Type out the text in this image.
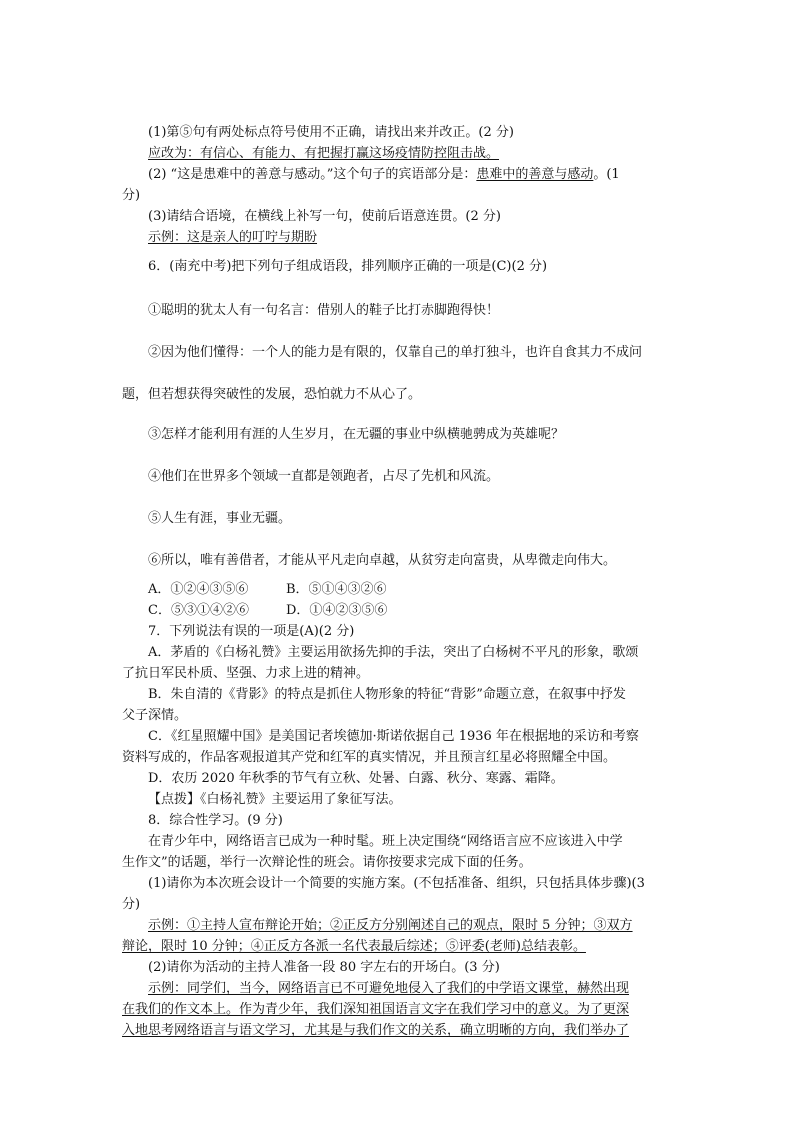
(1)第⑤句有两处标点符号使用不正确，请找出来并改正。(2 分)
应改为：有信心、有能力、有把握打赢这场疫情防控阻击战。
(2) “这是患难中的善意与感动。”这个句子的宾语部分是：患难中的善意与感动。(1
分)
(3)请结合语境，在横线上补写一句，使前后语意连贯。(2 分)
示例：这是亲人的叮咛与期盼
6．(南充中考)把下列句子组成语段，排列顺序正确的一项是(C)(2 分)
①聪明的犹太人有一句名言：借别人的鞋子比打赤脚跑得快！
②因为他们懂得：一个人的能力是有限的，仅靠自己的单打独斗，也许自食其力不成问
题，但若想获得突破性的发展，恐怕就力不从心了。
③怎样才能利用有涯的人生岁月，在无疆的事业中纵横驰骋成为英雄呢？
④他们在世界多个领域一直都是领跑者，占尽了先机和风流。
⑤人生有涯，事业无疆。
⑥所以，唯有善借者，才能从平凡走向卓越，从贫穷走向富贵，从卑微走向伟大。
A．①②④③⑤⑥	B．⑤①④③②⑥
C．⑤③①④②⑥	D．①④②③⑤⑥
7．下列说法有误的一项是(A)(2 分)
A．茅盾的《白杨礼赞》主要运用欲扬先抑的手法，突出了白杨树不平凡的形象，歌颂
了抗日军民朴质、坚强、力求上进的精神。
B．朱自清的《背影》的特点是抓住人物形象的特征“背影”命题立意，在叙事中抒发
父子深情。
C．《红星照耀中国》是美国记者埃德加·斯诺依据自己 1936 年在根据地的采访和考察
资料写成的，作品客观报道其产党和红军的真实情况，并且预言红星必将照耀全中国。
D．农历 2020 年秋季的节气有立秋、处暑、白露、秋分、寒露、霜降。
【点拨】《白杨礼赞》主要运用了象征写法。
8．综合性学习。(9 分)
在青少年中，网络语言已成为一种时髦。班上决定围绕“网络语言应不应该进入中学
生作文”的话题，举行一次辩论性的班会。请你按要求完成下面的任务。
(1)请你为本次班会设计一个简要的实施方案。(不包括准备、组织，只包括具体步骤)(3
分)
示例：①主持人宣布辩论开始；②正反方分别阐述自己的观点，限时 5 分钟；③双方
辩论，限时 10 分钟；④正反方各派一名代表最后综述；⑤评委(老师)总结表彰。
(2)请你为活动的主持人准备一段 80 字左右的开场白。(3 分)
示例：同学们，当今，网络语言已不可避免地侵入了我们的中学语文课堂，赫然出现
在我们的作文本上。作为青少年，我们深知祖国语言文字在我们学习中的意义。为了更深
入地思考网络语言与语文学习，尤其是与我们作文的关系，确立明晰的方向，我们举办了
